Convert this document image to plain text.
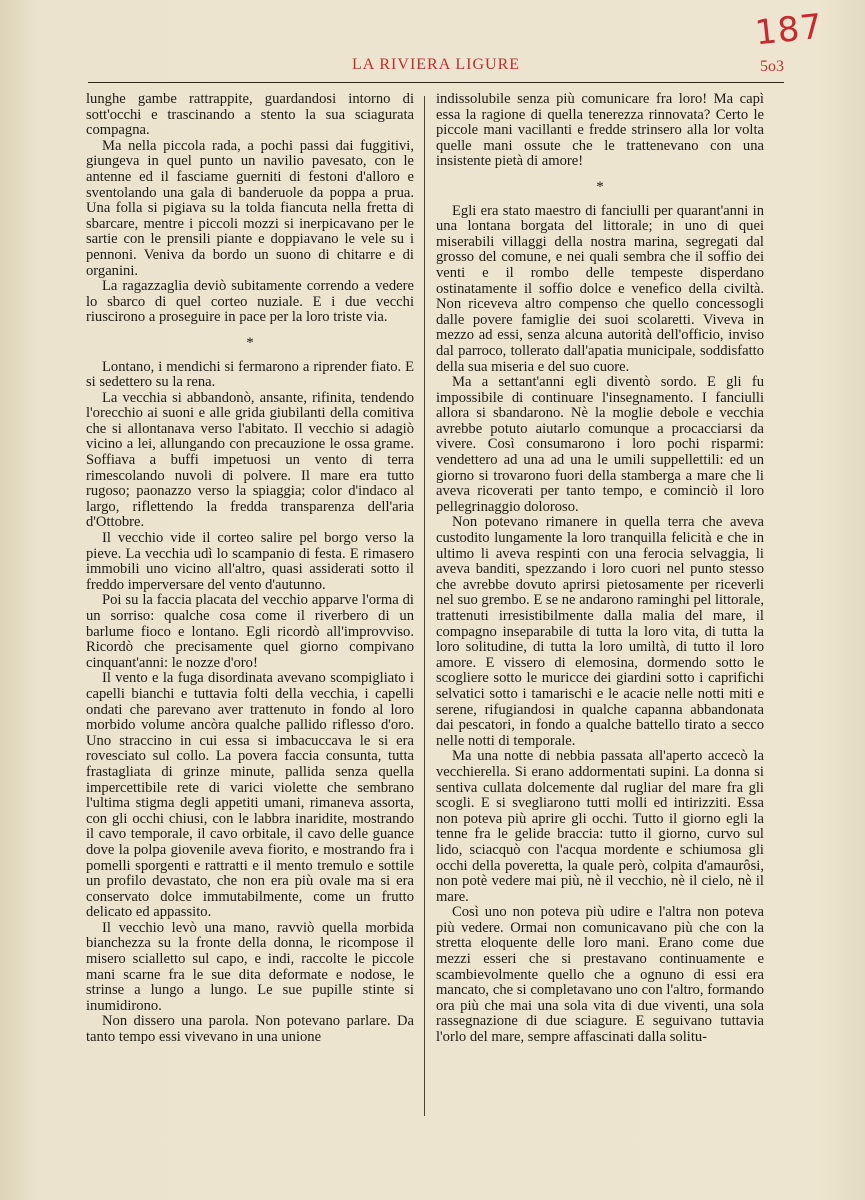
187
LA RIVIERA LIGURE	5o3

lunghe gambe rattrappite, guardandosi intorno di sott'occhi e trascinando a stento la sua sciagurata compagna.

Ma nella piccola rada, a pochi passi dai fuggitivi, giungeva in quel punto un navilio pavesato, con le antenne ed il fasciame guerniti di festoni d'alloro e sventolando una gala di banderuole da poppa a prua. Una folla si pigiava su la tolda fiancuta nella fretta di sbarcare, mentre i piccoli mozzi si inerpicavano per le sartie con le prensili piante e doppiavano le vele su i pennoni. Veniva da bordo un suono di chitarre e di organini.

La ragazzaglia deviò subitamente correndo a vedere lo sbarco di quel corteo nuziale. E i due vecchi riuscirono a proseguire in pace per la loro triste via.

*

Lontano, i mendichi si fermarono a riprender fiato. E si sedettero su la rena.

La vecchia si abbandonò, ansante, rifinita, tendendo l'orecchio ai suoni e alle grida giubilanti della comitiva che si allontanava verso l'abitato. Il vecchio si adagiò vicino a lei, allungando con precauzione le ossa grame. Soffiava a buffi impetuosi un vento di terra rimescolando nuvoli di polvere. Il mare era tutto rugoso; paonazzo verso la spiaggia; color d'indaco al largo, riflettendo la fredda transparenza dell'aria d'Ottobre.

Il vecchio vide il corteo salire pel borgo verso la pieve. La vecchia udì lo scampanio di festa. E rimasero immobili uno vicino all'altro, quasi assiderati sotto il freddo imperversare del vento d'autunno.

Poi su la faccia placata del vecchio apparve l'orma di un sorriso: qualche cosa come il riverbero di un barlume fioco e lontano. Egli ricordò all'improvviso. Ricordò che precisamente quel giorno compivano cinquant'anni: le nozze d'oro!

Il vento e la fuga disordinata avevano scompigliato i capelli bianchi e tuttavia folti della vecchia, i capelli ondati che parevano aver trattenuto in fondo al loro morbido volume ancòra qualche pallido riflesso d'oro. Uno straccino in cui essa si imbacuccava le si era rovesciato sul collo. La povera faccia consunta, tutta frastagliata di grinze minute, pallida senza quella impercettibile rete di varici violette che sembrano l'ultima stigma degli appetiti umani, rimaneva assorta, con gli occhi chiusi, con le labbra inaridite, mostrando il cavo temporale, il cavo orbitale, il cavo delle guance dove la polpa giovenile aveva fiorito, e mostrando fra i pomelli sporgenti e rattratti e il mento tremulo e sottile un profilo devastato, che non era più ovale ma si era conservato dolce immutabilmente, come un frutto delicato ed appassito.

Il vecchio levò una mano, ravviò quella morbida bianchezza su la fronte della donna, le ricompose il misero scialletto sul capo, e indi, raccolte le piccole mani scarne fra le sue dita deformate e nodose, le strinse a lungo a lungo. Le sue pupille stinte si inumidirono.

Non dissero una parola. Non potevano parlare. Da tanto tempo essi vivevano in una unione

indissolubile senza più comunicare fra loro! Ma capì essa la ragione di quella tenerezza rinnovata? Certo le piccole mani vacillanti e fredde strinsero alla lor volta quelle mani ossute che le trattenevano con una insistente pietà di amore!

*

Egli era stato maestro di fanciulli per quarant'anni in una lontana borgata del littorale; in uno di quei miserabili villaggi della nostra marina, segregati dal grosso del comune, e nei quali sembra che il soffio dei venti e il rombo delle tempeste disperdano ostinatamente il soffio dolce e venefico della civiltà. Non riceveva altro compenso che quello concessogli dalle povere famiglie dei suoi scolaretti. Viveva in mezzo ad essi, senza alcuna autorità dell'officio, inviso dal parroco, tollerato dall'apatia municipale, soddisfatto della sua miseria e del suo cuore.

Ma a settant'anni egli diventò sordo. E gli fu impossibile di continuare l'insegnamento. I fanciulli allora si sbandarono. Nè la moglie debole e vecchia avrebbe potuto aiutarlo comunque a procacciarsi da vivere. Così consumarono i loro pochi risparmi: vendettero ad una ad una le umili suppellettili: ed un giorno si trovarono fuori della stamberga a mare che li aveva ricoverati per tanto tempo, e cominciò il loro pellegrinaggio doloroso.

Non potevano rimanere in quella terra che aveva custodito lungamente la loro tranquilla felicità e che in ultimo li aveva respinti con una ferocia selvaggia, li aveva banditi, spezzando i loro cuori nel punto stesso che avrebbe dovuto aprirsi pietosamente per riceverli nel suo grembo. E se ne andarono raminghi pel littorale, trattenuti irresistibilmente dalla malia del mare, il compagno inseparabile di tutta la loro vita, di tutta la loro solitudine, di tutta la loro umiltà, di tutto il loro amore. E vissero di elemosina, dormendo sotto le scogliere sotto le muricce dei giardini sotto i caprifichi selvatici sotto i tamarischi e le acacie nelle notti miti e serene, rifugiandosi in qualche capanna abbandonata dai pescatori, in fondo a qualche battello tirato a secco nelle notti di temporale.

Ma una notte di nebbia passata all'aperto accecò la vecchierella. Si erano addormentati supini. La donna si sentiva cullata dolcemente dal rugliar del mare fra gli scogli. E si svegliarono tutti molli ed intirizziti. Essa non poteva più aprire gli occhi. Tutto il giorno egli la tenne fra le gelide braccia: tutto il giorno, curvo sul lido, sciacquò con l'acqua mordente e schiumosa gli occhi della poveretta, la quale però, colpita d'amaurôsi, non potè vedere mai più, nè il vecchio, nè il cielo, nè il mare.

Così uno non poteva più udire e l'altra non poteva più vedere. Ormai non comunicavano più che con la stretta eloquente delle loro mani. Erano come due mezzi esseri che si prestavano continuamente e scambievolmente quello che a ognuno di essi era mancato, che si completavano uno con l'altro, formando ora più che mai una sola vita di due viventi, una sola rassegnazione di due sciagure. E seguivano tuttavia l'orlo del mare, sempre affascinati dalla solitu-
